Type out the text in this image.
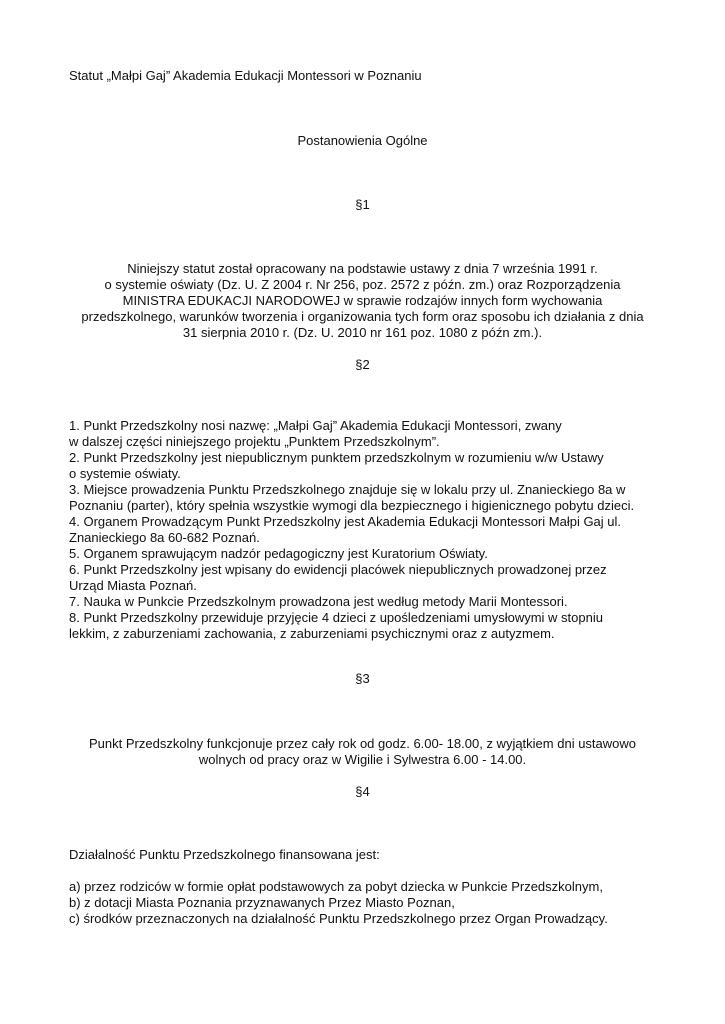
Statut „Małpi Gaj” Akademia Edukacji Montessori w Poznaniu
Postanowienia Ogólne
§1
Niniejszy statut został opracowany na podstawie ustawy z dnia 7 września 1991 r.
o systemie oświaty (Dz. U. Z 2004 r. Nr 256, poz. 2572 z późn. zm.) oraz Rozporządzenia
MINISTRA EDUKACJI NARODOWEJ w sprawie rodzajów innych form wychowania
przedszkolnego, warunków tworzenia i organizowania tych form oraz sposobu ich działania z dnia
31 sierpnia 2010 r. (Dz. U. 2010 nr 161 poz. 1080 z późn zm.).
§2
1. Punkt Przedszkolny nosi nazwę: „Małpi Gaj” Akademia Edukacji Montessori, zwany
w dalszej części niniejszego projektu „Punktem Przedszkolnym”.
2. Punkt Przedszkolny jest niepublicznym punktem przedszkolnym w rozumieniu w/w Ustawy
o systemie oświaty.
3. Miejsce prowadzenia Punktu Przedszkolnego znajduje się w lokalu przy ul. Znanieckiego 8a w
Poznaniu (parter), który spełnia wszystkie wymogi dla bezpiecznego i higienicznego pobytu dzieci.
4. Organem Prowadzącym Punkt Przedszkolny jest Akademia Edukacji Montessori Małpi Gaj ul.
Znanieckiego 8a 60-682 Poznań.
5. Organem sprawującym nadzór pedagogiczny jest Kuratorium Oświaty.
6. Punkt Przedszkolny jest wpisany do ewidencji placówek niepublicznych prowadzonej przez
Urząd Miasta Poznań.
7. Nauka w Punkcie Przedszkolnym prowadzona jest według metody Marii Montessori.
8. Punkt Przedszkolny przewiduje przyjęcie 4 dzieci z upośledzeniami umysłowymi w stopniu
lekkim, z zaburzeniami zachowania, z zaburzeniami psychicznymi oraz z autyzmem.
§3
Punkt Przedszkolny funkcjonuje przez cały rok od godz. 6.00- 18.00, z wyjątkiem dni ustawowo
wolnych od pracy oraz w Wigilie i Sylwestra 6.00 - 14.00.
§4
Działalność Punktu Przedszkolnego finansowana jest:
a) przez rodziców w formie opłat podstawowych za pobyt dziecka w Punkcie Przedszkolnym,
b) z dotacji Miasta Poznania przyznawanych Przez Miasto Poznan,
c) środków przeznaczonych na działalność Punktu Przedszkolnego przez Organ Prowadzący.
